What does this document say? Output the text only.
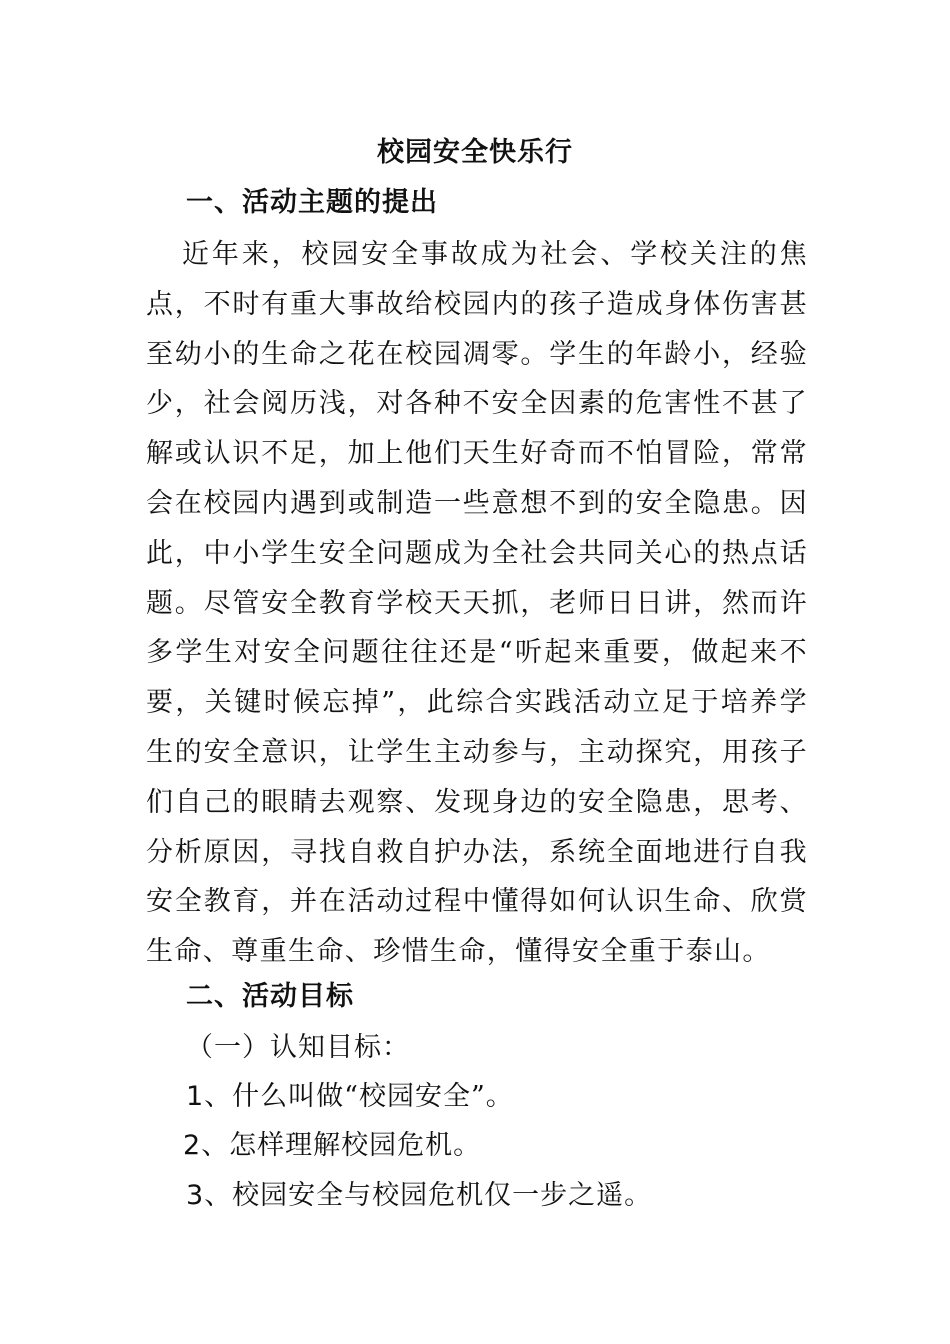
校园安全快乐行
一、活动主题的提出

近年来，校园安全事故成为社会、学校关注的焦点，不时有重大事故给校园内的孩子造成身体伤害甚至幼小的生命之花在校园凋零。学生的年龄小，经验少，社会阅历浅，对各种不安全因素的危害性不甚了解或认识不足，加上他们天生好奇而不怕冒险，常常会在校园内遇到或制造一些意想不到的安全隐患。因此，中小学生安全问题成为全社会共同关心的热点话题。尽管安全教育学校天天抓，老师日日讲，然而许多学生对安全问题往往还是“听起来重要，做起来不要，关键时候忘掉”，此综合实践活动立足于培养学生的安全意识，让学生主动参与，主动探究，用孩子们自己的眼睛去观察、发现身边的安全隐患，思考、分析原因，寻找自救自护办法，系统全面地进行自我安全教育，并在活动过程中懂得如何认识生命、欣赏生命、尊重生命、珍惜生命，懂得安全重于泰山。

二、活动目标
（一）认知目标：
1、什么叫做“校园安全”。
2、怎样理解校园危机。
3、校园安全与校园危机仅一步之遥。
